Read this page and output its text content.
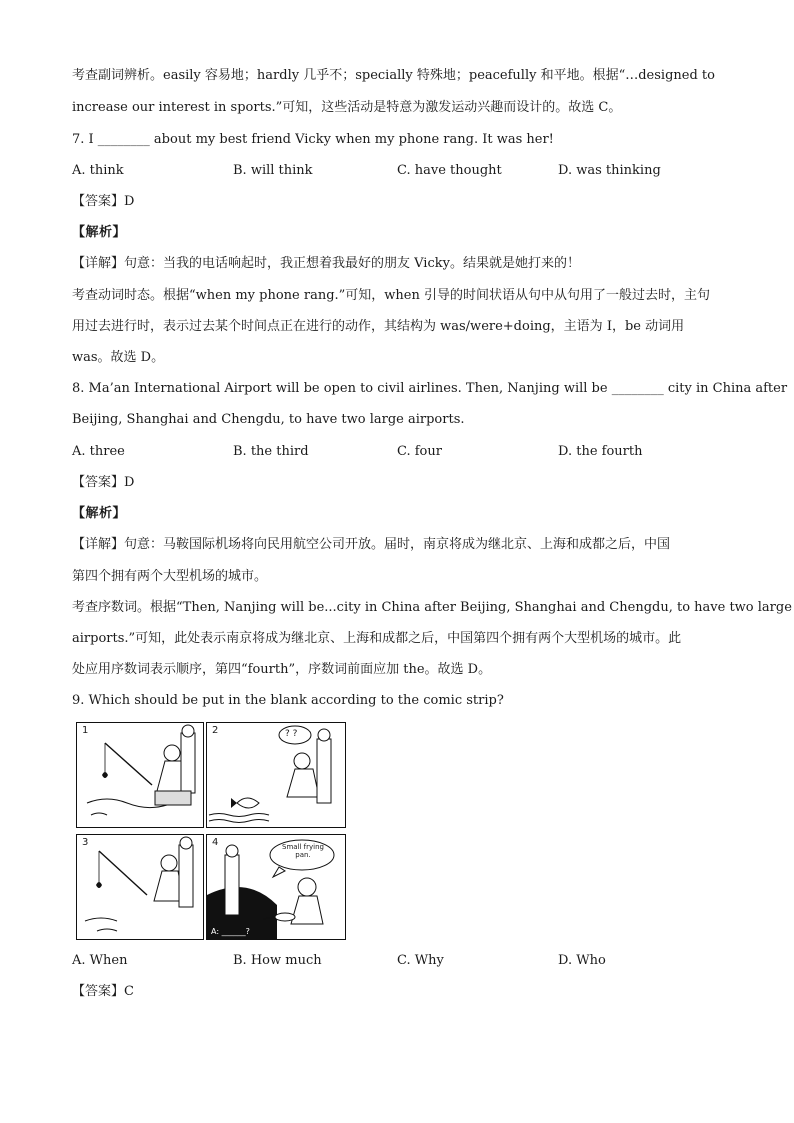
考查副词辨析。easily 容易地；hardly 几乎不；specially 特殊地；peacefully 和平地。根据“…designed to
increase our interest in sports.”可知，这些活动是特意为激发运动兴趣而设计的。故选 C。
7. I ________ about my best friend Vicky when my phone rang. It was her!
A. think	B. will think	C. have thought	D. was thinking
【答案】D
【解析】
【详解】句意：当我的电话响起时，我正想着我最好的朋友 Vicky。结果就是她打来的！
考查动词时态。根据“when my phone rang.”可知，when 引导的时间状语从句中从句用了一般过去时，主句
用过去进行时，表示过去某个时间点正在进行的动作，其结构为 was/were+doing，主语为 I，be 动词用
was。故选 D。
8. Ma’an International Airport will be open to civil airlines. Then, Nanjing will be ________ city in China after
Beijing, Shanghai and Chengdu, to have two large airports.
A. three	B. the third	C. four	D. the fourth
【答案】D
【解析】
【详解】句意：马鞍国际机场将向民用航空公司开放。届时，南京将成为继北京、上海和成都之后，中国
第四个拥有两个大型机场的城市。
考查序数词。根据“Then, Nanjing will be...city in China after Beijing, Shanghai and Chengdu, to have two large
airports.”可知，此处表示南京将成为继北京、上海和成都之后，中国第四个拥有两个大型机场的城市。此
处应用序数词表示顺序，第四“fourth”，序数词前面应加 the。故选 D。
9. Which should be put in the blank according to the comic strip?
1	2	? ?
3	4	Small frying pan.
A: ______?
A. When	B. How much	C. Why	D. Who
【答案】C
